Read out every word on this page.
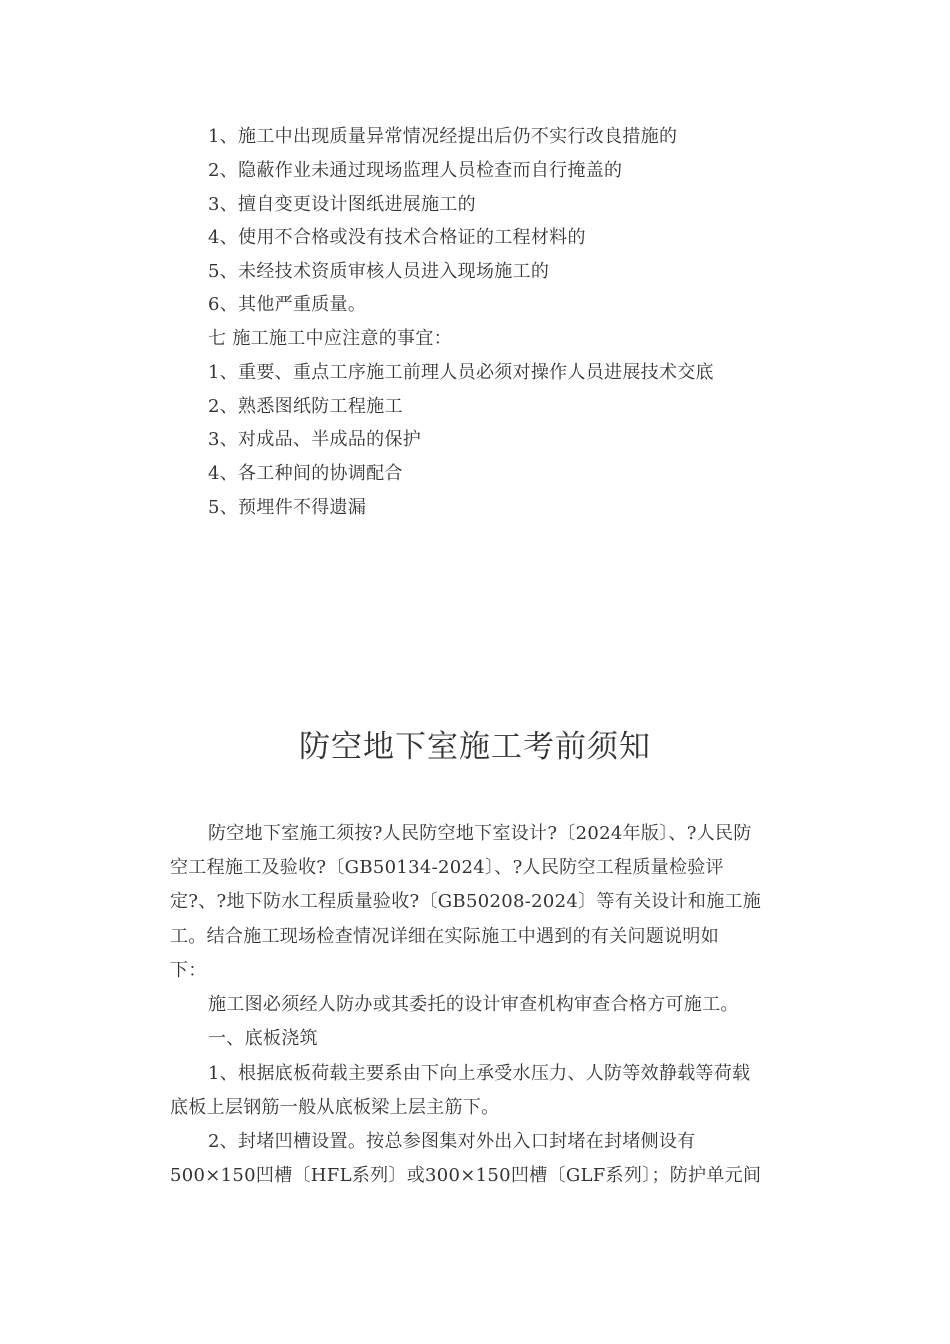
1、施工中出现质量异常情况经提出后仍不实行改良措施的
2、隐蔽作业未通过现场监理人员检查而自行掩盖的
3、擅自变更设计图纸进展施工的
4、使用不合格或没有技术合格证的工程材料的
5、未经技术资质审核人员进入现场施工的
6、其他严重质量。
七 施工施工中应注意的事宜：
1、重要、重点工序施工前理人员必须对操作人员进展技术交底
2、熟悉图纸防工程施工
3、对成品、半成品的保护
4、各工种间的协调配合
5、预埋件不得遗漏
防空地下室施工考前须知
防空地下室施工须按?人民防空地下室设计?〔2024年版〕、?人民防
空工程施工及验收?〔GB50134-2024〕、?人民防空工程质量检验评
定?、?地下防水工程质量验收?〔GB50208-2024〕等有关设计和施工施
工。结合施工现场检查情况详细在实际施工中遇到的有关问题说明如
下：
施工图必须经人防办或其委托的设计审查机构审查合格方可施工。
一、底板浇筑
1、根据底板荷载主要系由下向上承受水压力、人防等效静载等荷载
底板上层钢筋一般从底板梁上层主筋下。
2、封堵凹槽设置。按总参图集对外出入口封堵在封堵侧设有
500×150凹槽〔HFL系列〕或300×150凹槽〔GLF系列〕；防护单元间
